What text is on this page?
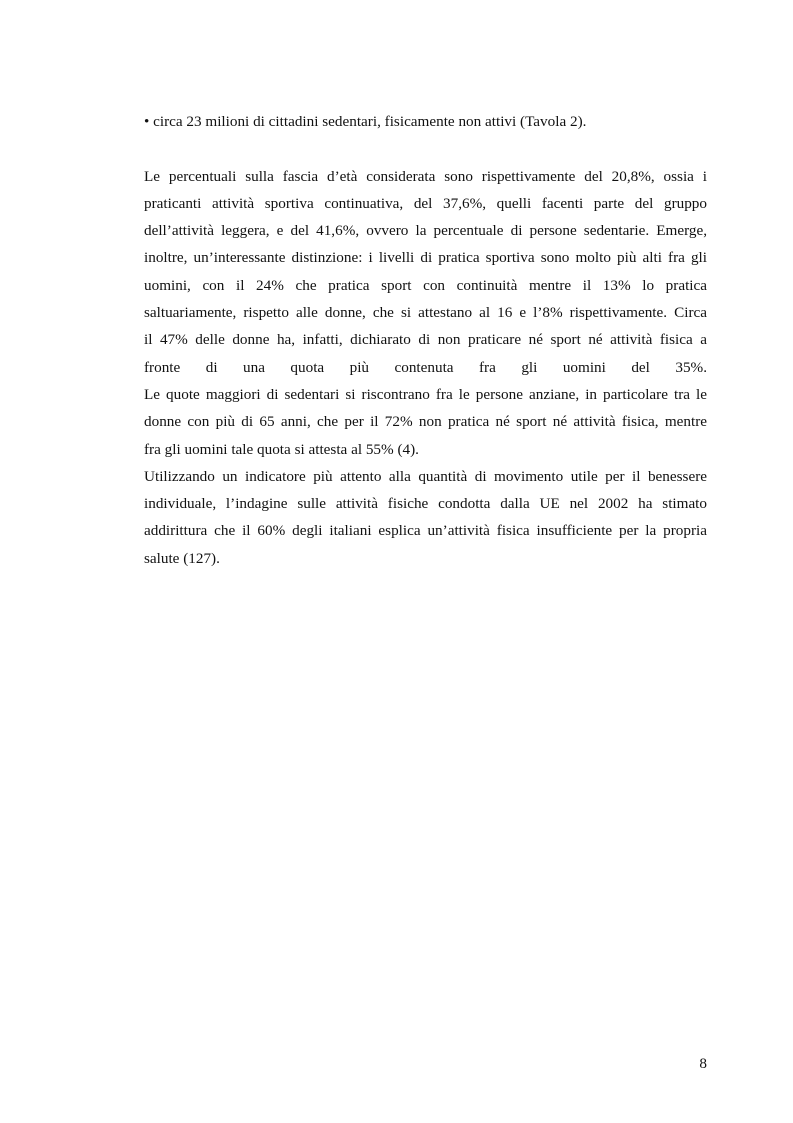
• circa 23 milioni di cittadini sedentari, fisicamente non attivi (Tavola 2).

Le percentuali sulla fascia d’età considerata sono rispettivamente del 20,8%, ossia i
praticanti attività sportiva continuativa, del 37,6%, quelli facenti parte del gruppo
dell’attività leggera, e del 41,6%, ovvero la percentuale di persone sedentarie. Emerge,
inoltre, un’interessante distinzione: i livelli di pratica sportiva sono molto più alti fra gli
uomini, con il 24% che pratica sport con continuità mentre il 13% lo pratica
saltuariamente, rispetto alle donne, che si attestano al 16 e l’8% rispettivamente. Circa
il 47% delle donne ha, infatti, dichiarato di non praticare né sport né attività fisica a
fronte di una quota più contenuta fra gli uomini del 35%.

Le quote maggiori di sedentari si riscontrano fra le persone anziane, in particolare tra le
donne con più di 65 anni, che per il 72% non pratica né sport né attività fisica, mentre
fra gli uomini tale quota si attesta al 55% (4).

Utilizzando un indicatore più attento alla quantità di movimento utile per il benessere
individuale, l’indagine sulle attività fisiche condotta dalla UE nel 2002 ha stimato
addirittura che il 60% degli italiani esplica un’attività fisica insufficiente per la propria
salute (127).

8
